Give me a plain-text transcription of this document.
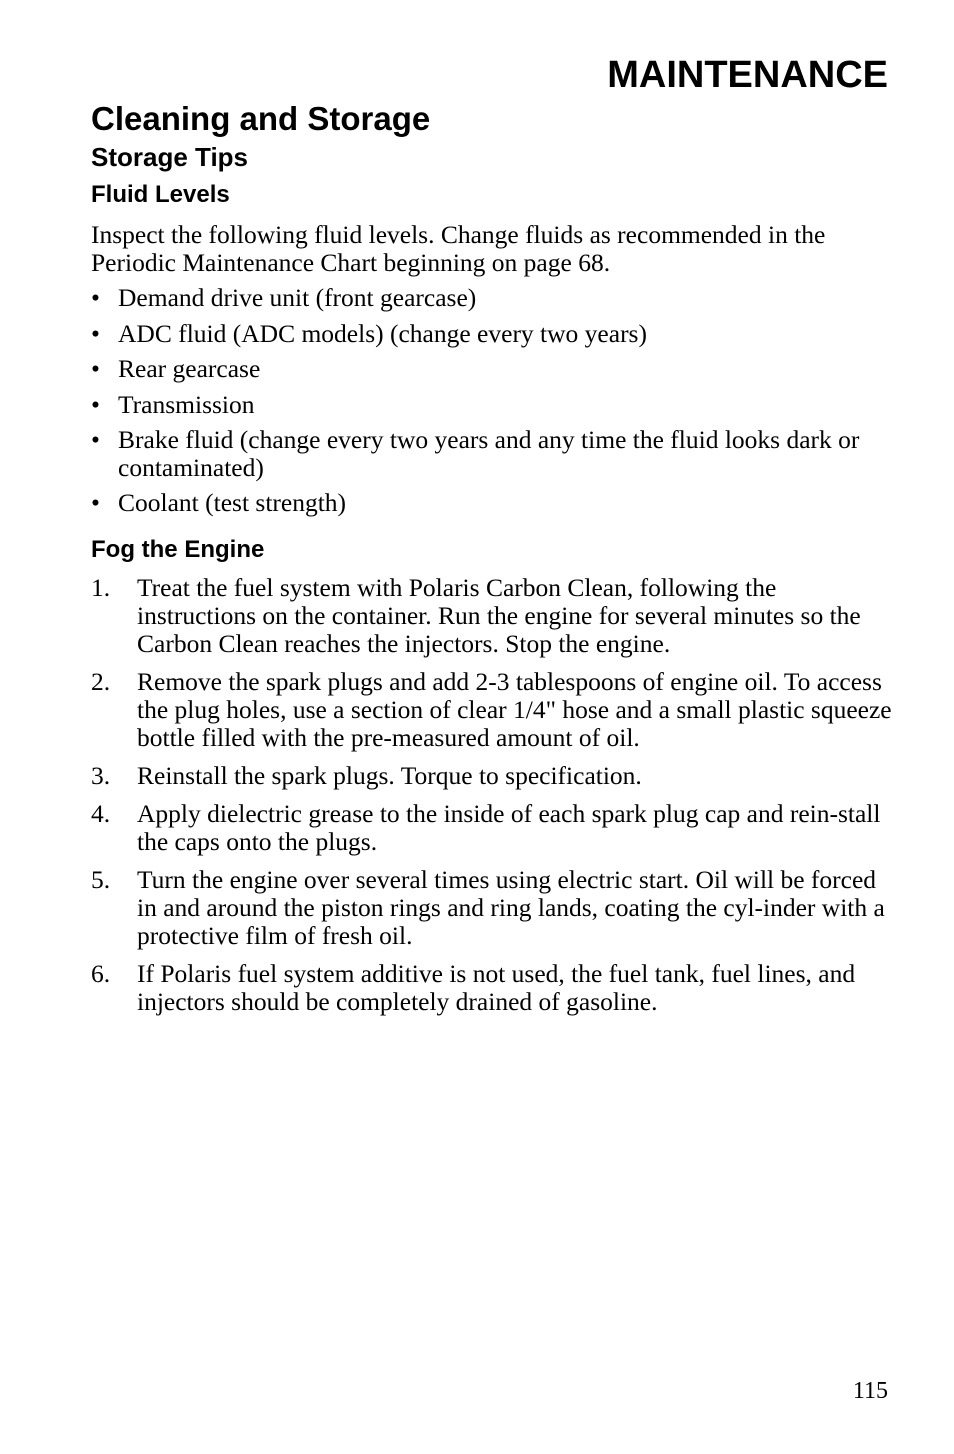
MAINTENANCE
Cleaning and Storage
Storage Tips
Fluid Levels

Inspect the following fluid levels. Change fluids as recommended in the Periodic Maintenance Chart beginning on page 68.

• Demand drive unit (front gearcase)
• ADC fluid (ADC models) (change every two years)
• Rear gearcase
• Transmission
• Brake fluid (change every two years and any time the fluid looks dark or contaminated)
• Coolant (test strength)
Fog the Engine
1. Treat the fuel system with Polaris Carbon Clean, following the instructions on the container. Run the engine for several minutes so the Carbon Clean reaches the injectors. Stop the engine.
2. Remove the spark plugs and add 2-3 tablespoons of engine oil. To access the plug holes, use a section of clear 1/4" hose and a small plastic squeeze bottle filled with the pre-measured amount of oil.
3. Reinstall the spark plugs. Torque to specification.
4. Apply dielectric grease to the inside of each spark plug cap and rein-stall the caps onto the plugs.
5. Turn the engine over several times using electric start. Oil will be forced in and around the piston rings and ring lands, coating the cyl-inder with a protective film of fresh oil.
6. If Polaris fuel system additive is not used, the fuel tank, fuel lines, and injectors should be completely drained of gasoline.
115
